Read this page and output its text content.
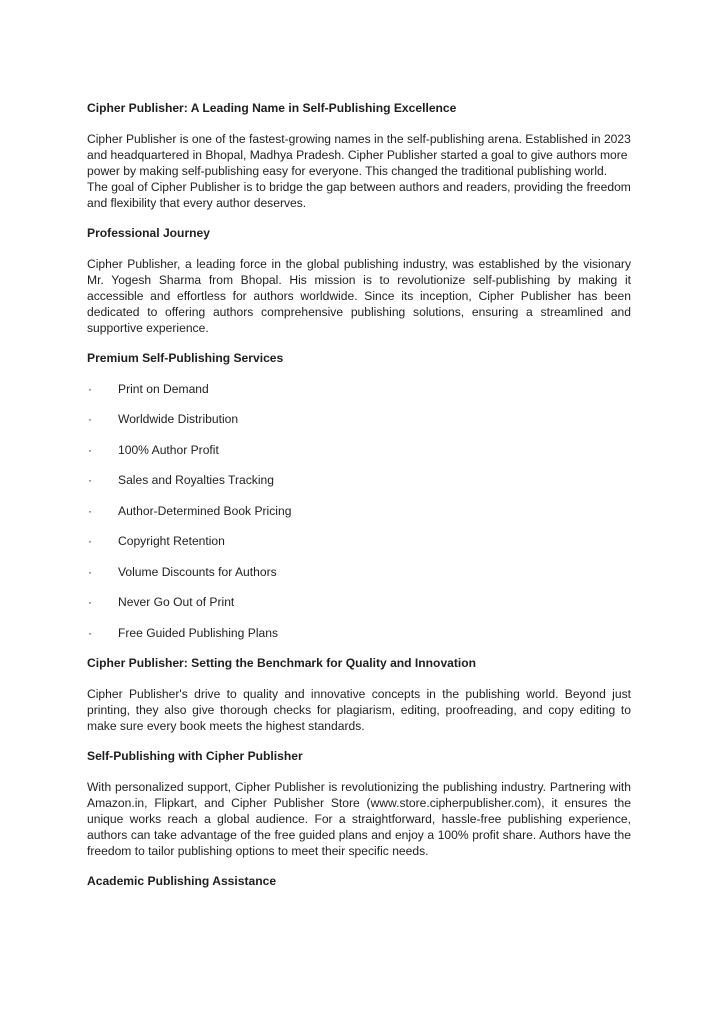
Cipher Publisher: A Leading Name in Self-Publishing Excellence

Cipher Publisher is one of the fastest-growing names in the self-publishing arena. Established in 2023 and headquartered in Bhopal, Madhya Pradesh. Cipher Publisher started a goal to give authors more power by making self-publishing easy for everyone. This changed the traditional publishing world. The goal of Cipher Publisher is to bridge the gap between authors and readers, providing the freedom and flexibility that every author deserves.

Professional Journey

Cipher Publisher, a leading force in the global publishing industry, was established by the visionary Mr. Yogesh Sharma from Bhopal. His mission is to revolutionize self-publishing by making it accessible and effortless for authors worldwide. Since its inception, Cipher Publisher has been dedicated to offering authors comprehensive publishing solutions, ensuring a streamlined and supportive experience.

Premium Self-Publishing Services
· Print on Demand
· Worldwide Distribution
· 100% Author Profit
· Sales and Royalties Tracking
· Author-Determined Book Pricing
· Copyright Retention
· Volume Discounts for Authors
· Never Go Out of Print
· Free Guided Publishing Plans
Cipher Publisher: Setting the Benchmark for Quality and Innovation

Cipher Publisher's drive to quality and innovative concepts in the publishing world. Beyond just printing, they also give thorough checks for plagiarism, editing, proofreading, and copy editing to make sure every book meets the highest standards.

Self-Publishing with Cipher Publisher

With personalized support, Cipher Publisher is revolutionizing the publishing industry. Partnering with Amazon.in, Flipkart, and Cipher Publisher Store (www.store.cipherpublisher.com), it ensures the unique works reach a global audience. For a straightforward, hassle-free publishing experience, authors can take advantage of the free guided plans and enjoy a 100% profit share. Authors have the freedom to tailor publishing options to meet their specific needs.

Academic Publishing Assistance
